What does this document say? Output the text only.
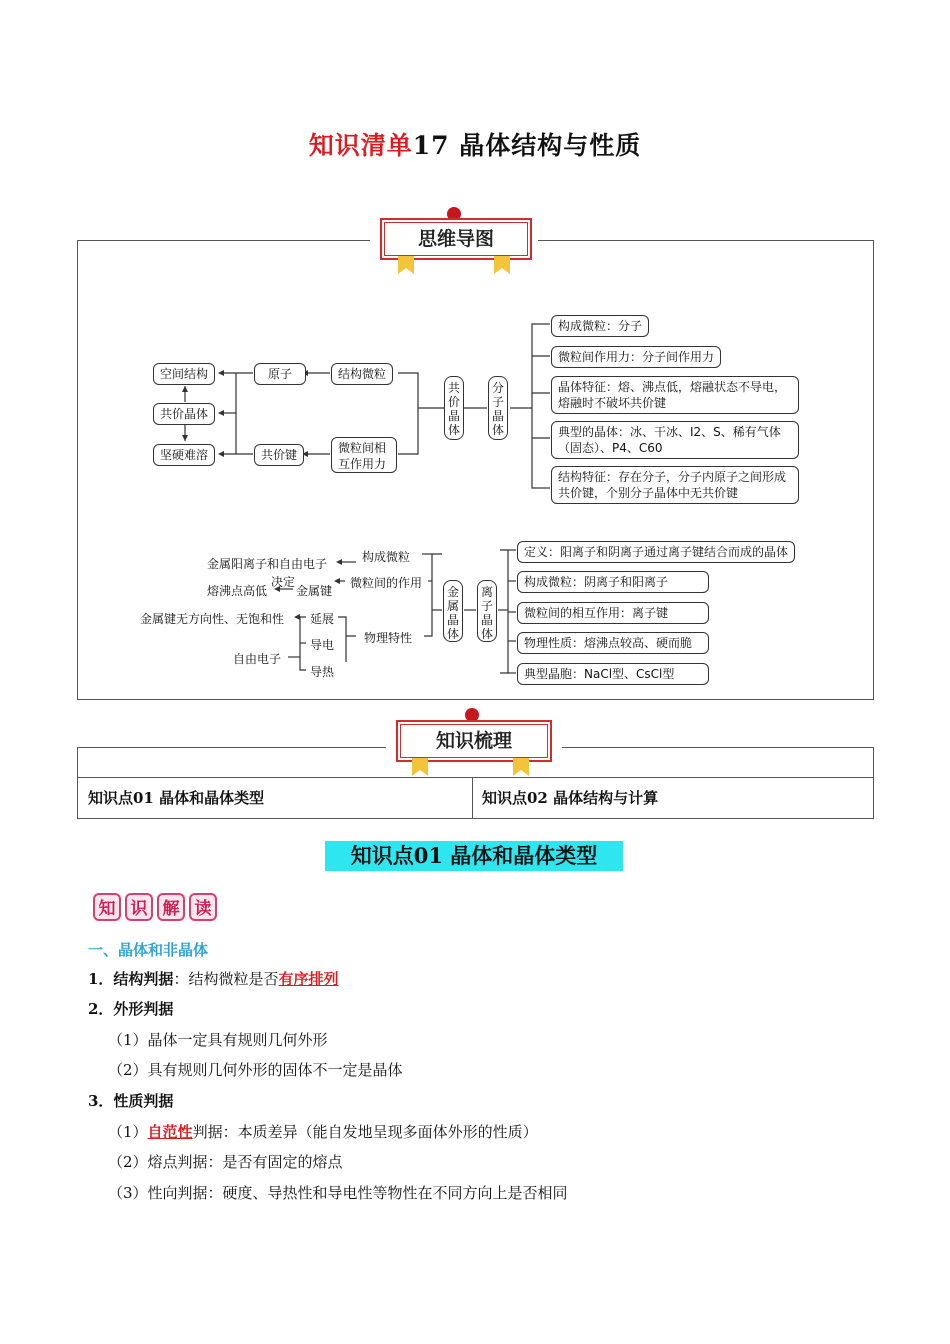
知识清单17 晶体结构与性质
思维导图
空间结构
共价晶体
坚硬难溶
原子
共价键
结构微粒
微粒间相互作用力
共价晶体
分子晶体
构成微粒：分子
微粒间作用力：分子间作用力
晶体特征：熔、沸点低，熔融状态不导电，熔融时不破坏共价键
典型的晶体：冰、干冰、I2、S、稀有气体（固态）、P4、C60
结构特征：存在分子，分子内原子之间形成共价键，个别分子晶体中无共价键
金属晶体
构成微粒
金属阳离子和自由电子
微粒间的作用
金属键
决定
熔沸点高低
物理特性
延展
金属键无方向性、无饱和性
导电
导热
自由电子
离子晶体
定义：阳离子和阴离子通过离子键结合而成的晶体
构成微粒：阴离子和阳离子
微粒间的相互作用：离子键
物理性质：熔沸点较高、硬而脆
典型晶胞：NaCl型、CsCl型
知识梳理
知识点01 晶体和晶体类型	知识点02 晶体结构与计算
知识点01 晶体和晶体类型
知 识 解 读
一、晶体和非晶体
1．结构判据：结构微粒是否有序排列
2．外形判据
（1）晶体一定具有规则几何外形
（2）具有规则几何外形的固体不一定是晶体
3．性质判据
（1）自范性判据：本质差异（能自发地呈现多面体外形的性质）
（2）熔点判据：是否有固定的熔点
（3）性向判据：硬度、导热性和导电性等物性在不同方向上是否相同
